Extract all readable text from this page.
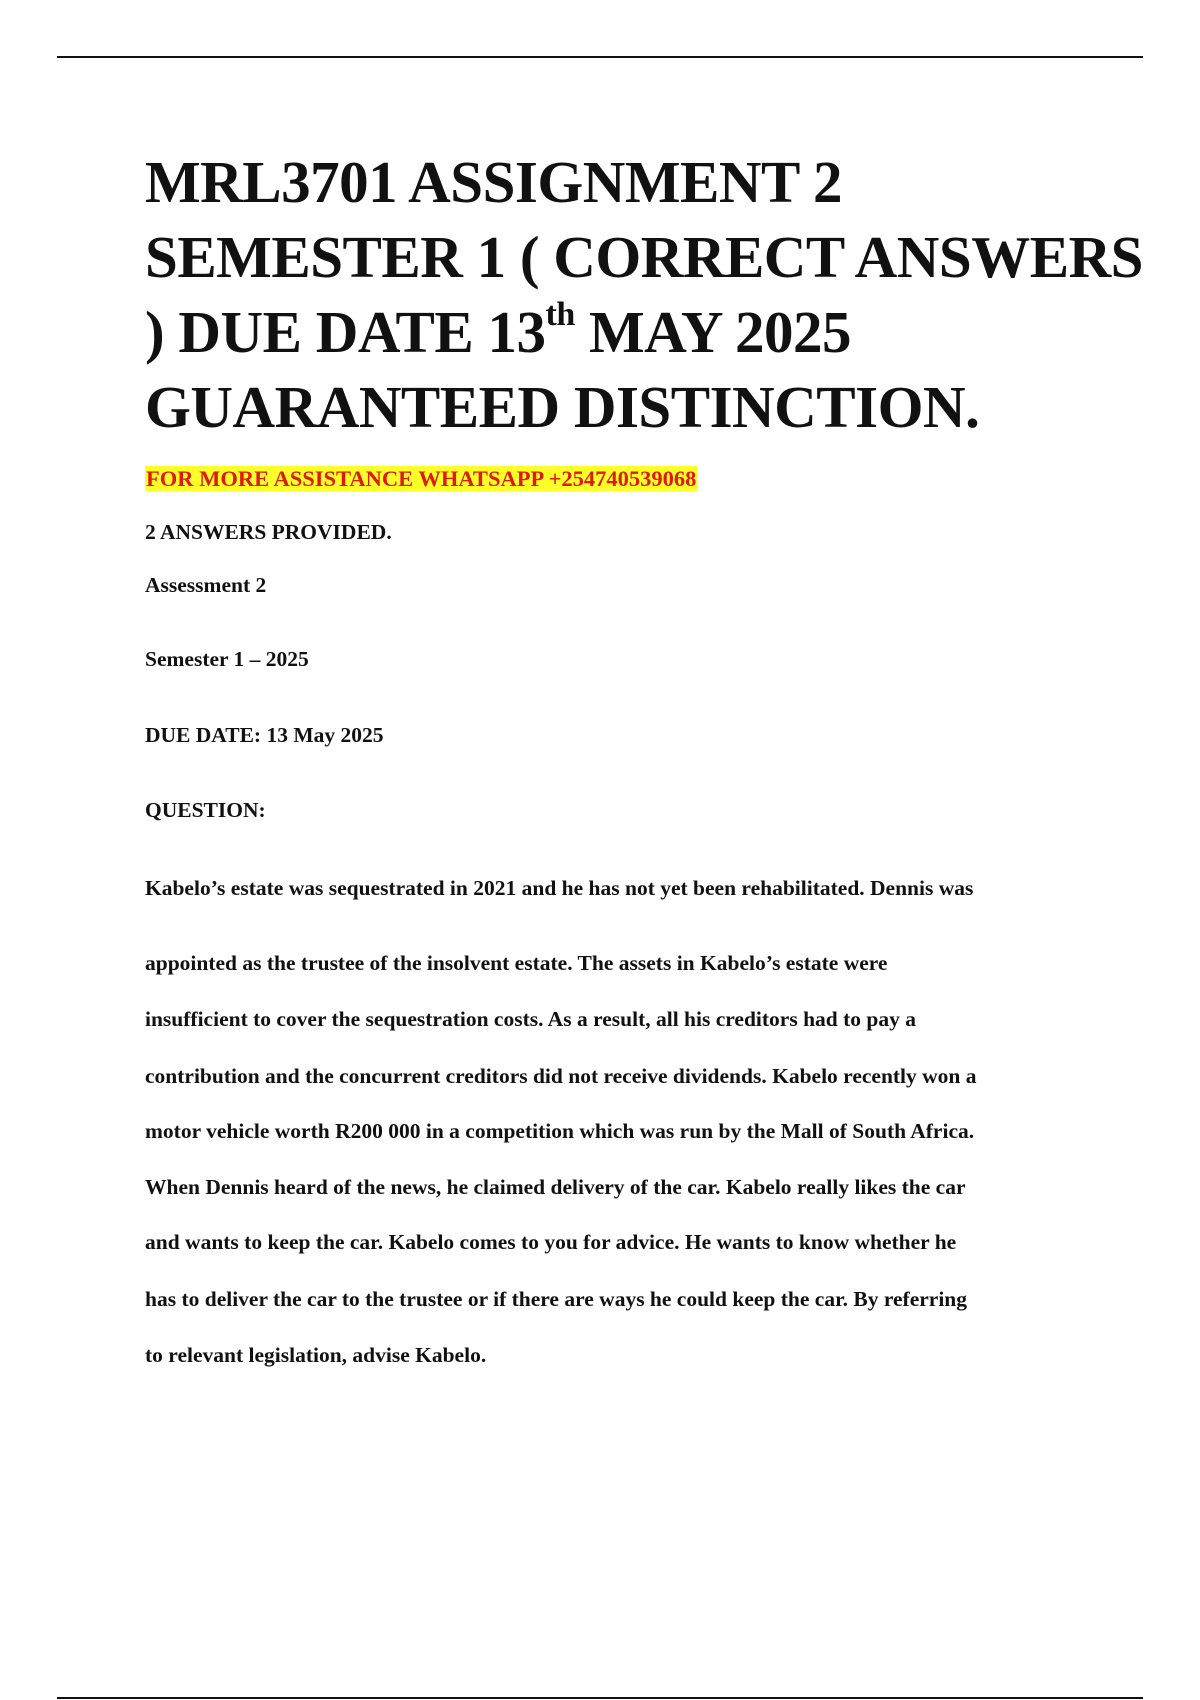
MRL3701 ASSIGNMENT 2 SEMESTER 1 ( CORRECT ANSWERS ) DUE DATE 13th MAY 2025 GUARANTEED DISTINCTION.

FOR MORE ASSISTANCE WHATSAPP +254740539068

2 ANSWERS PROVIDED.

Assessment 2

Semester 1 – 2025

DUE DATE: 13 May 2025

QUESTION:

Kabelo’s estate was sequestrated in 2021 and he has not yet been rehabilitated. Dennis was

appointed as the trustee of the insolvent estate. The assets in Kabelo’s estate were

insufficient to cover the sequestration costs. As a result, all his creditors had to pay a

contribution and the concurrent creditors did not receive dividends. Kabelo recently won a

motor vehicle worth R200 000 in a competition which was run by the Mall of South Africa.

When Dennis heard of the news, he claimed delivery of the car. Kabelo really likes the car

and wants to keep the car. Kabelo comes to you for advice. He wants to know whether he

has to deliver the car to the trustee or if there are ways he could keep the car. By referring

to relevant legislation, advise Kabelo.
